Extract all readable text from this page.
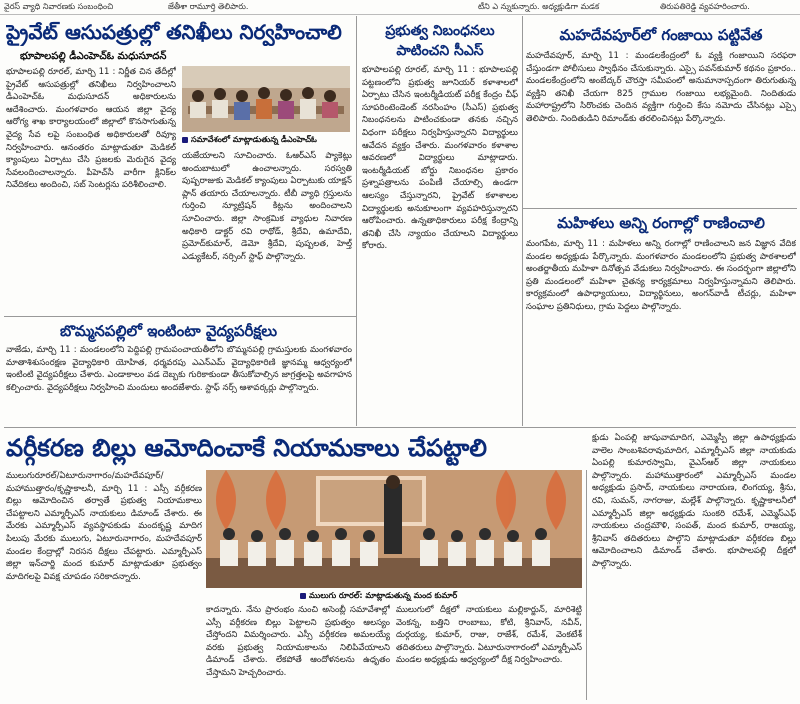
వైరస్ వ్యాధి నివారణకు సంబంధించి	జేతీశా రామూర్తి తెలిపారు.	టీని ఎ న్నుకున్నారు. అధ్యక్షుడిగా మడక	తిరుపతిరెడ్డి వ్యవహరించారు.
ప్రైవేట్ ఆసుపత్రుల్లో తనిఖీలు నిర్వహించాలి
భూపాలపల్లి డీఎంహెచ్‌ఓ మధుసూదన్
భూపాలపల్లి రూరల్, మార్చి 11 : నిర్ణీత చిన తేదీల్లో ప్రైవేట్ ఆసుపత్రుల్లో తనిఖీలు నిర్వహించాలని డీఎంహెచ్‌ఓ మధుసూదన్ అధికారులను ఆదేశించారు. మంగళవారం ఆయన జిల్లా వైద్య ఆరోగ్య శాఖ కార్యాలయంలో జిల్లాలో కొనసాగుతున్న వైద్య సేవ లపై సంబంధిత అధికారులతో రివ్యూ నిర్వహించారు. ఆనంతరం మాట్లాడుతూ మెడికల్ క్యాంపులు ఏర్పాటు చేసి ప్రజలకు మెరుగైన వైద్య సేవలందించాలన్నారు. పీహెచ్‌సీ వారీగా క్లినిక్‌ల నివేదికలు అందించి, సబ్ సెంటర్లను పరిశీలించాలి.
సమావేశంలో మాట్లాడుతున్న డీఎంహెచ్‌ఓ
యజేయాలని సూచించారు. ఓఆర్ఎస్ ప్యాకెట్లు అందుబాటులో ఉంచాలన్నారు. సరస్వతి పుష్పరాజుకు మెడికల్ క్యాంపులు ఏర్పాటుకు యాక్షన్ ప్లాన్ తయారు చేయాలన్నారు. టీబీ వ్యాధి గ్రస్తులను గుర్తించి న్యూట్రిషన్ కిట్లను అందించాలని సూచించారు. జిల్లా సాంక్రమిక వ్యాధుల నివారణ అధికారి డాక్టర్ రవి రాథోడ్, శ్రీదేవి, ఉమాదేవి, ప్రమోద్‌కుమార్, డెమో శ్రీదేవి, పుష్పలత, హెల్త్ ఎడ్యుకేటర్, నర్సింగ్ స్టాఫ్ పాల్గొన్నారు.
బొమ్మనపల్లిలో ఇంటింటా వైద్యపరీక్షలు
వాజేడు, మార్చి 11 : మండలంలోని పెద్దిపల్లి గ్రామపంచాయతీలోని బొమ్మనపల్లి గ్రామస్తులకు మంగళవారం మాతాశిశుసంరక్షణ వైద్యాధికారి యోహిత, ధర్మవరపు ఎఎన్‌ఎమ్ వైద్యాధికారిణి జ్ఞానమ్మ ఆధ్వర్యంలో ఇంటింటి వైద్యపరీక్షలు చేశారు. ఎండాకాలం వడ దెబ్బకు గురికాకుండా తీసుకోవాల్సిన జాగ్రత్తలపై అవగాహన కల్పించారు. వైద్యపరీక్షలు నిర్వహించి మందులు అందజేశారు. స్టాఫ్ నర్స్ ఆశావర్కర్లు పాల్గొన్నారు.
ప్రభుత్వ నిబంధనలు
పాటించని సీఎస్
భూపాలపల్లి రూరల్, మార్చి 11 : భూపాలపల్లి పట్టణంలోని ప్రభుత్వ జూనియర్ కళాశాలలో ఏర్పాటు చేసిన ఇంటర్మీడియట్ పరీక్ష కేంద్రం చీఫ్ సూపరింటెండెంట్ నరసింహం (సీఎస్) ప్రభుత్వ నిబంధనలను పాటించకుండా తనకు నచ్చిన విధంగా పరీక్షలు నిర్వహిస్తున్నారని విద్యార్థులు ఆవేదన వ్యక్తం చేశారు. మంగళవారం కళాశాల ఆవరణలో విద్యార్థులు మాట్లాడారు. ఇంటర్మీడియట్ బోర్డు నిబంధనల ప్రకారం ప్రశ్నాపత్రాలను పంపిణీ చేయాల్సి ఉండగా ఆలస్యం చేస్తున్నారని, ప్రైవేట్ కళాశాలల విద్యార్థులకు అనుకూలంగా వ్యవహరిస్తున్నారని ఆరోపించారు. ఉన్నతాధికారులు పరీక్ష కేంద్రాన్ని తనిఖీ చేసి న్యాయం చేయాలని విద్యార్థులు కోరారు.
మహదేవపూర్‌లో గంజాయి పట్టివేత
మహదేవపూర్, మార్చి 11 : మండలకేంద్రంలో ఓ వ్యక్తి గంజాయిని సరఫరా చేస్తుండగా పోలీసులు స్వాధీనం చేసుకున్నారు. ఎస్సై పవన్‌కుమార్ కథనం ప్రకారం.. మండలకేంద్రంలోని అంబేద్కర్ చౌరస్తా సమీపంలో అనుమానాస్పదంగా తిరుగుతున్న వ్యక్తిని తనిఖీ చేయగా 825 గ్రాముల గంజాయి లభ్యమైంది. నిందితుడు మహారాష్ట్రలోని సిరొంచకు చెందిన వ్యక్తిగా గుర్తించి కేసు నమోదు చేసినట్లు ఎస్సై తెలిపారు. నిందితుడిని రిమాండ్‌కు తరలించినట్లు పేర్కొన్నారు.
మహిళలు అన్ని రంగాల్లో రాణించాలి
మంగపేట, మార్చి 11 : మహిళలు అన్ని రంగాల్లో రాణించాలని జన విజ్ఞాన వేదిక మండల అధ్యక్షుడు పేర్కొన్నారు. మంగళవారం మండలంలోని ప్రభుత్వ పాఠశాలలో అంతర్జాతీయ మహిళా దినోత్సవ వేడుకలు నిర్వహించారు. ఈ సందర్భంగా జిల్లాలోని ప్రతి మండలంలో మహిళా చైతన్య కార్యక్రమాలు నిర్వహిస్తున్నామని తెలిపారు. కార్యక్రమంలో ఉపాధ్యాయులు, విద్యార్థినులు, అంగన్‌వాడీ టీచర్లు, మహిళా సంఘాల ప్రతినిధులు, గ్రామ పెద్దలు పాల్గొన్నారు.
వర్గీకరణ బిల్లు ఆమోదించాకే నియామకాలు చేపట్టాలి
ములుగురూరల్/ఏటూరునాగారం/మహదేవపూర్/మహాముత్తారం/కృష్ణాకాలనీ, మార్చి 11 : ఎస్సీ వర్గీకరణ బిల్లు ఆమోదించిన తర్వాతే ప్రభుత్వ నియామకాలు చేపట్టాలని ఎమ్మార్పీఎస్ నాయకులు డిమాండ్ చేశారు. ఈ మేరకు ఎమ్మార్పీఎస్ వ్యవస్థాపకుడు మందకృష్ణ మాదిగ పిలుపు మేరకు ములుగు, ఏటూరునాగారం, మహదేవపూర్ మండల కేంద్రాల్లో నిరసన దీక్షలు చేపట్టారు. ఎమ్మార్పీఎస్ జిల్లా ఇన్‌చార్జి మంద కుమార్ మాట్లాడుతూ ప్రభుత్వం మాదిగలపై వివక్ష చూపడం సరికాదన్నారు.
ములుగు రూరల్: మాట్లాడుతున్న మంద కుమార్
కాదన్నారు. నేను ప్రారంభం నుంచి అసెంబ్లీ సమావేశాల్లో ఎస్సీ వర్గీకరణ బిల్లు పెట్టాలని ప్రభుత్వం ఆలస్యం చేస్తోందని విమర్శించారు. ఎస్సీ వర్గీకరణ అమలయ్యే వరకు ప్రభుత్వ నియామకాలను నిలిపివేయాలని డిమాండ్ చేశారు. లేకపోతే ఆందోళనలను ఉధృతం చేస్తామని హెచ్చరించారు.
ములుగులో దీక్షలో నాయకులు మల్లికార్జున్, మారిశెట్టి వెంకన్న, బత్తిని రాంబాబు, కోటి, శ్రీనివాస్, నవీన్, దుర్గయ్య, కుమార్, రాజు, రాజేశ్, రమేశ్, వెంకటేశ్ తదితరులు పాల్గొన్నారు. ఏటూరునాగారంలో ఎమ్మార్పీఎస్ మండల అధ్యక్షుడు ఆధ్వర్యంలో దీక్ష నిర్వహించారు.
క్షుడు ఏంపల్లి జాషువామాదిగ, ఎమ్మెస్పీ జిల్లా ఉపాధ్యక్షుడు వాలెల సాంబశివరావుమాదిగ, ఎమ్మార్పీఎస్ జిల్లా నాయకుడు ఏంపల్లి కుమారస్వామి, వైఎస్ఆర్ జిల్లా నాయకులు పాల్గొన్నారు. మహాముత్తారంలో ఎమ్మార్పీఎస్ మండల అధ్యక్షుడు ప్రసాద్, నాయకులు నారాయణ, లింగయ్య, శ్రీను, రవి, సుమన్, నాగరాజు, మల్లేశ్ పాల్గొన్నారు. కృష్ణాకాలనీలో ఎమ్మార్పీఎస్ జిల్లా అధ్యక్షుడు సుంకరి రమేశ్, ఎమ్మెస్ఎఫ్ నాయకులు చంద్రమౌళి, సంపత్, మంద కుమార్, రాజయ్య, శ్రీనివాస్ తదితరులు పాల్గొని మాట్లాడుతూ వర్గీకరణ బిల్లు ఆమోదించాలని డిమాండ్ చేశారు. భూపాలపల్లి దీక్షలో పాల్గొన్నారు.
